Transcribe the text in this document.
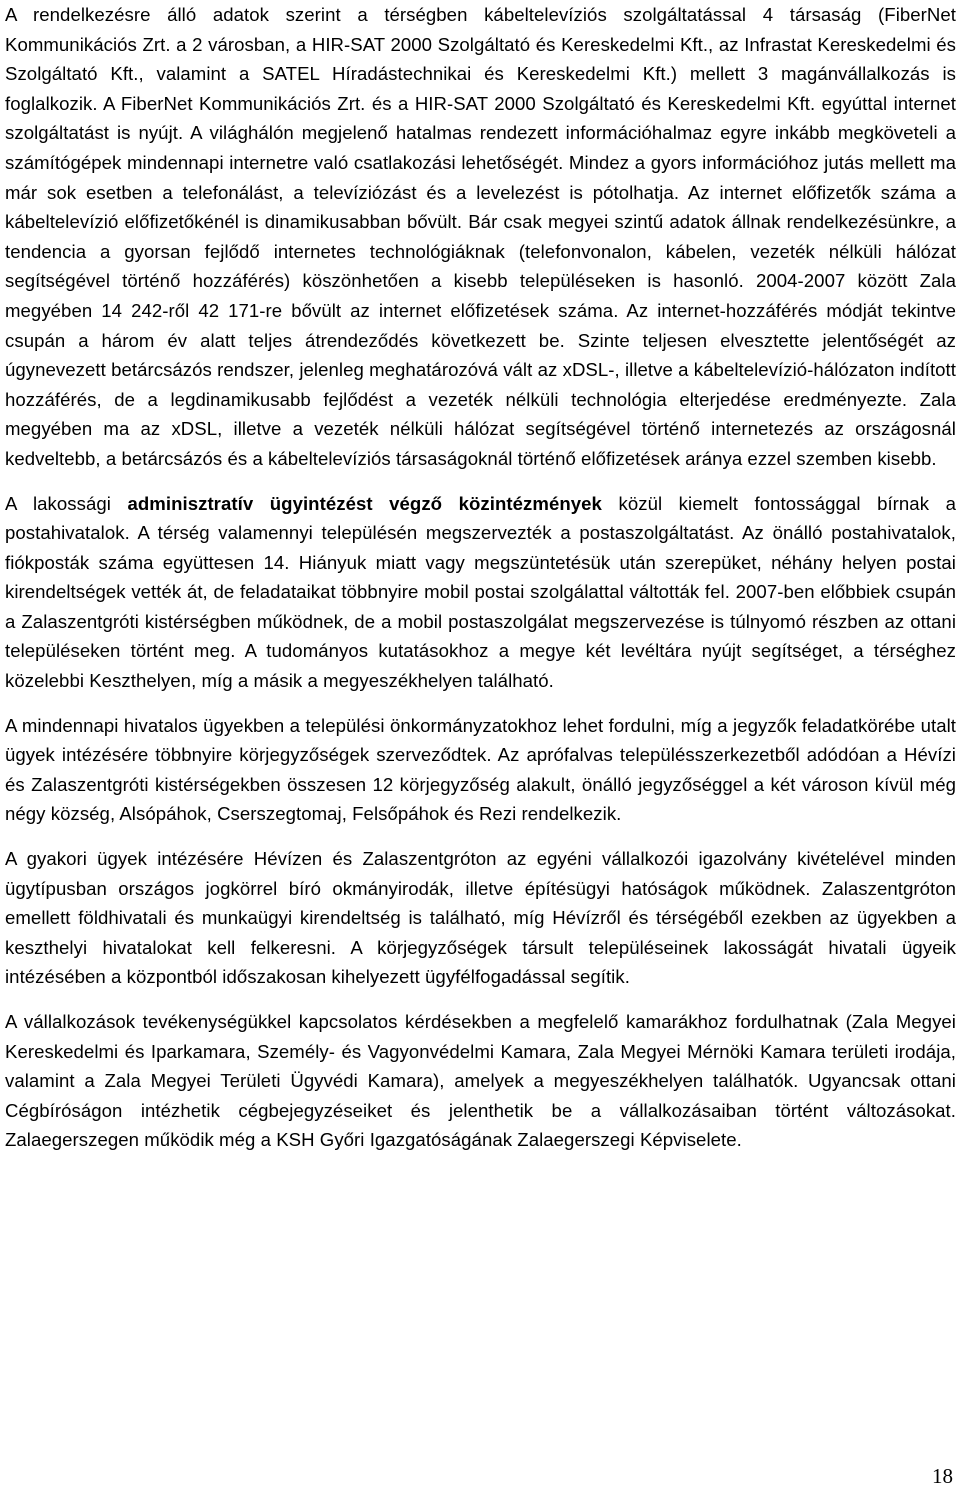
A rendelkezésre álló adatok szerint a térségben kábeltelevíziós szolgáltatással 4 társaság (FiberNet Kommunikációs Zrt. a 2 városban, a HIR-SAT 2000 Szolgáltató és Kereskedelmi Kft., az Infrastat Kereskedelmi és Szolgáltató Kft., valamint a SATEL Híradástechnikai és Kereskedelmi Kft.) mellett 3 magánvállalkozás is foglalkozik. A FiberNet Kommunikációs Zrt. és a HIR-SAT 2000 Szolgáltató és Kereskedelmi Kft. egyúttal internet szolgáltatást is nyújt. A világhálón megjelenő hatalmas rendezett információhalmaz egyre inkább megköveteli a számítógépek mindennapi internetre való csatlakozási lehetőségét. Mindez a gyors információhoz jutás mellett ma már sok esetben a telefonálást, a televíziózást és a levelezést is pótolhatja. Az internet előfizetők száma a kábeltelevízió előfizetőkénél is dinamikusabban bővült. Bár csak megyei szintű adatok állnak rendelkezésünkre, a tendencia a gyorsan fejlődő internetes technológiáknak (telefonvonalon, kábelen, vezeték nélküli hálózat segítségével történő hozzáférés) köszönhetően a kisebb településeken is hasonló. 2004-2007 között Zala megyében 14 242-ről 42 171-re bővült az internet előfizetések száma. Az internet-hozzáférés módját tekintve csupán a három év alatt teljes átrendeződés következett be. Szinte teljesen elvesztette jelentőségét az úgynevezett betárcsázós rendszer, jelenleg meghatározóvá vált az xDSL-, illetve a kábeltelevízió-hálózaton indított hozzáférés, de a legdinamikusabb fejlődést a vezeték nélküli technológia elterjedése eredményezte. Zala megyében ma az xDSL, illetve a vezeték nélküli hálózat segítségével történő internetezés az országosnál kedveltebb, a betárcsázós és a kábeltelevíziós társaságoknál történő előfizetések aránya ezzel szemben kisebb.

A lakossági adminisztratív ügyintézést végző közintézmények közül kiemelt fontossággal bírnak a postahivatalok. A térség valamennyi településén megszervezték a postaszolgáltatást. Az önálló postahivatalok, fiókposták száma együttesen 14. Hiányuk miatt vagy megszüntetésük után szerepüket, néhány helyen postai kirendeltségek vették át, de feladataikat többnyire mobil postai szolgálattal váltották fel. 2007-ben előbbiek csupán a Zalaszentgróti kistérségben működnek, de a mobil postaszolgálat megszervezése is túlnyomó részben az ottani településeken történt meg. A tudományos kutatásokhoz a megye két levéltára nyújt segítséget, a térséghez közelebbi Keszthelyen, míg a másik a megyeszékhelyen található.

A mindennapi hivatalos ügyekben a települési önkormányzatokhoz lehet fordulni, míg a jegyzők feladatkörébe utalt ügyek intézésére többnyire körjegyzőségek szerveződtek. Az aprófalvas településszerkezetből adódóan a Hévízi és Zalaszentgróti kistérségekben összesen 12 körjegyzőség alakult, önálló jegyzőséggel a két városon kívül még négy község, Alsópáhok, Cserszegtomaj, Felsőpáhok és Rezi rendelkezik.

A gyakori ügyek intézésére Hévízen és Zalaszentgróton az egyéni vállalkozói igazolvány kivételével minden ügytípusban országos jogkörrel bíró okmányirodák, illetve építésügyi hatóságok működnek. Zalaszentgróton emellett földhivatali és munkaügyi kirendeltség is található, míg Hévízről és térségéből ezekben az ügyekben a keszthelyi hivatalokat kell felkeresni. A körjegyzőségek társult településeinek lakosságát hivatali ügyeik intézésében a központból időszakosan kihelyezett ügyfélfogadással segítik.

A vállalkozások tevékenységükkel kapcsolatos kérdésekben a megfelelő kamarákhoz fordulhatnak (Zala Megyei Kereskedelmi és Iparkamara, Személy- és Vagyonvédelmi Kamara, Zala Megyei Mérnöki Kamara területi irodája, valamint a Zala Megyei Területi Ügyvédi Kamara), amelyek a megyeszékhelyen találhatók. Ugyancsak ottani Cégbíróságon intézhetik cégbejegyzéseiket és jelenthetik be a vállalkozásaiban történt változásokat. Zalaegerszegen működik még a KSH Győri Igazgatóságának Zalaegerszegi Képviselete.

18
